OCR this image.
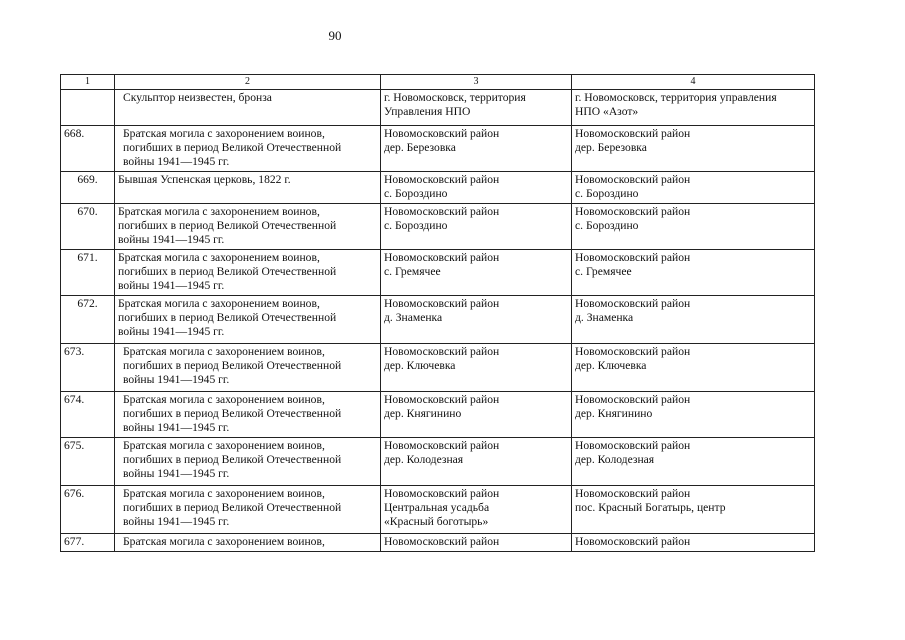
90
1	2	3	4

	Скульптор неизвестен, бронза	г. Новомосковск, территория
Управления НПО	г. Новомосковск, территория управления
НПО «Азот»

668.	Братская могила с захоронением воинов,
погибших в период Великой Отечественной
войны 1941—1945 гг.	Новомосковский район
дер. Березовка	Новомосковский район
дер. Березовка

669.	Бывшая Успенская церковь, 1822 г.	Новомосковский район
с. Бороздино	Новомосковский район
с. Бороздино

670.	Братская могила с захоронением воинов,
погибших в период Великой Отечественной
войны 1941—1945 гг.	Новомосковский район
с. Бороздино	Новомосковский район
с. Бороздино

671.	Братская могила с захоронением воинов,
погибших в период Великой Отечественной
войны 1941—1945 гг.	Новомосковский район
с. Гремячее	Новомосковский район
с. Гремячее

672.	Братская могила с захоронением воинов,
погибших в период Великой Отечественной
войны 1941—1945 гг.	Новомосковский район
д. Знаменка	Новомосковский район
д. Знаменка

673.	Братская могила с захоронением воинов,
погибших в период Великой Отечественной
войны 1941—1945 гг.	Новомосковский район
дер. Ключевка	Новомосковский район
дер. Ключевка

674.	Братская могила с захоронением воинов,
погибших в период Великой Отечественной
войны 1941—1945 гг.	Новомосковский район
дер. Княгинино	Новомосковский район
дер. Княгинино

675.	Братская могила с захоронением воинов,
погибших в период Великой Отечественной
войны 1941—1945 гг.	Новомосковский район
дер. Колодезная	Новомосковский район
дер. Колодезная

676.	Братская могила с захоронением воинов,
погибших в период Великой Отечественной
войны 1941—1945 гг.	Новомосковский район
Центральная усадьба
«Красный боготырь»	Новомосковский район
пос. Красный Богатырь, центр

677.	Братская могила с захоронением воинов,	Новомосковский район	Новомосковский район
